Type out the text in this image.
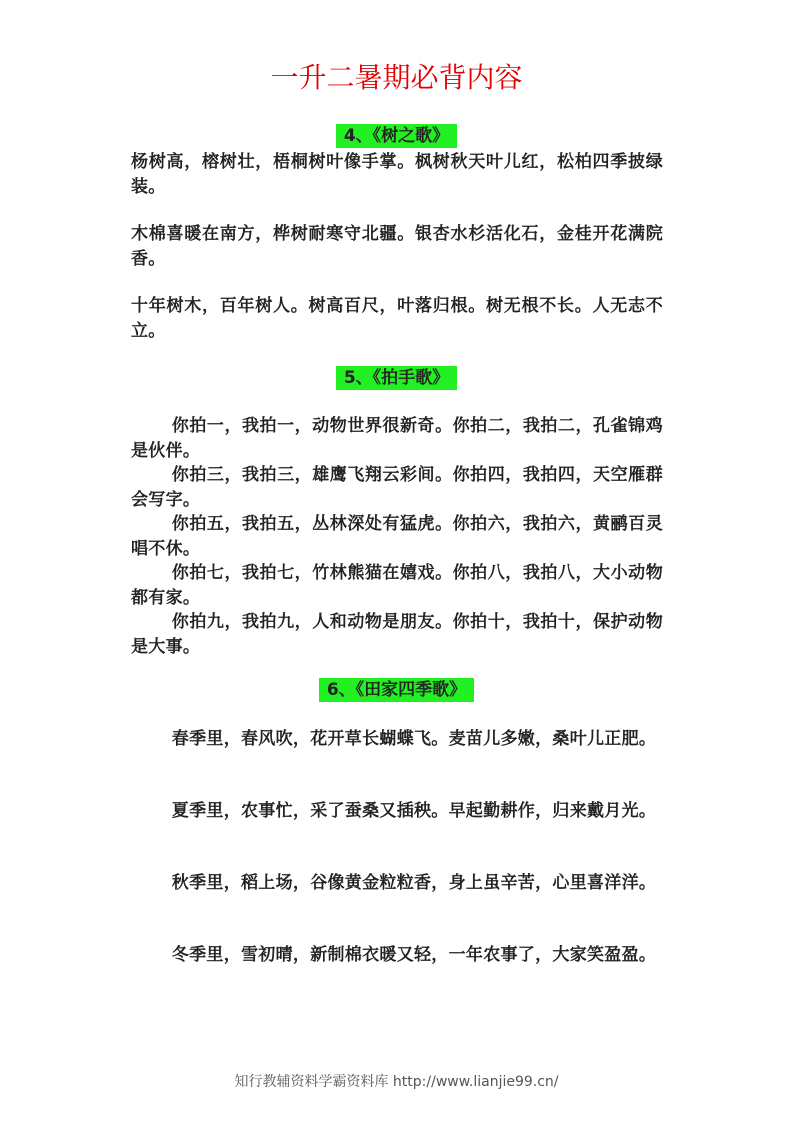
一升二暑期必背内容
4、《树之歌》

杨树高，榕树壮，梧桐树叶像手掌。枫树秋天叶儿红，松柏四季披绿装。

木棉喜暖在南方，桦树耐寒守北疆。银杏水杉活化石，金桂开花满院香。

十年树木，百年树人。树高百尺，叶落归根。树无根不长。人无志不立。

5、《拍手歌》

你拍一，我拍一，动物世界很新奇。你拍二，我拍二，孔雀锦鸡是伙伴。

你拍三，我拍三，雄鹰飞翔云彩间。你拍四，我拍四，天空雁群会写字。

你拍五，我拍五，丛林深处有猛虎。你拍六，我拍六，黄鹂百灵唱不休。

你拍七，我拍七，竹林熊猫在嬉戏。你拍八，我拍八，大小动物都有家。

你拍九，我拍九，人和动物是朋友。你拍十，我拍十，保护动物是大事。

6、《田家四季歌》

春季里，春风吹，花开草长蝴蝶飞。麦苗儿多嫩，桑叶儿正肥。

夏季里，农事忙，采了蚕桑又插秧。早起勤耕作，归来戴月光。

秋季里，稻上场，谷像黄金粒粒香，身上虽辛苦，心里喜洋洋。

冬季里，雪初晴，新制棉衣暖又轻，一年农事了，大家笑盈盈。

知行教辅资料学霸资料库 http://www.lianjie99.cn/
